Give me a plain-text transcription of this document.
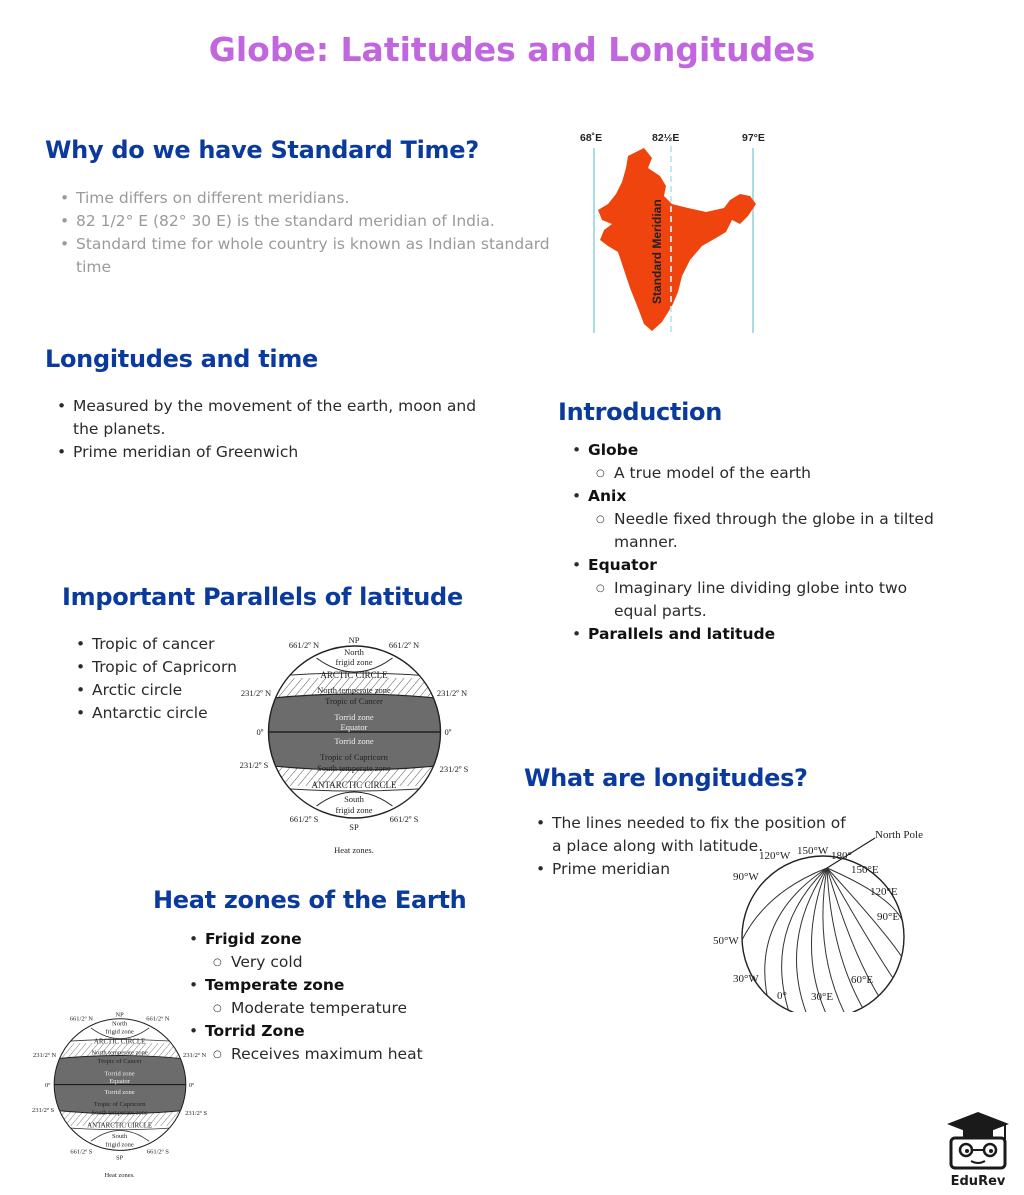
Globe: Latitudes and Longitudes
Why do we have Standard Time?
• Time differs on different meridians.
• 82 1/2° E (82° 30 E) is the standard meridian of India.
• Standard time for whole country is known as Indian standard time
68˚E	82½E	97°E
Standard Meridian
Longitudes and time
• Measured by the movement of the earth, moon and the planets.
• Prime meridian of Greenwich
Introduction
• Globe
○ A true model of the earth
• Anix
○ Needle fixed through the globe in a tilted manner.
• Equator
○ Imaginary line dividing globe into two equal parts.
• Parallels and latitude
Important Parallels of latitude
• Tropic of cancer
• Tropic of Capricorn
• Arctic circle
• Antarctic circle
NP
North
frigid zone
ARCTIC CIRCLE
North temperate zone
Tropic of Cancer
Torrid zone
Equator
Torrid zone
Tropic of Capricorn
South temperate zone
ANTARCTIC CIRCLE
South
frigid zone
SP
Heat zones.
661/2º N	661/2º N
231/2º N	231/2º N
0º	0º
231/2º S	231/2º S
661/2º S	661/2º S
What are longitudes?
• The lines needed to fix the position of a place along with latitude.
• Prime meridian
North Pole
150°W
120°W	180°
150°E
90°W
120°E
90°E
50°W
30°W	60°E
0° 30°E
Heat zones of the Earth
• Frigid zone
○ Very cold
• Temperate zone
○ Moderate temperature
• Torrid Zone
○ Receives maximum heat
NP
North
frigid zone
ARCTIC CIRCLE
North temperate zone
Tropic of Cancer
Torrid zone
Equator
Torrid zone
Tropic of Capricorn
South temperate zone
ANTARCTIC CIRCLE
South
frigid zone
SP
Heat zones.
661/2º N	661/2º N
231/2º N	231/2º N
0º	0º
231/2º S	231/2º S
661/2º S	661/2º S
EduRev
